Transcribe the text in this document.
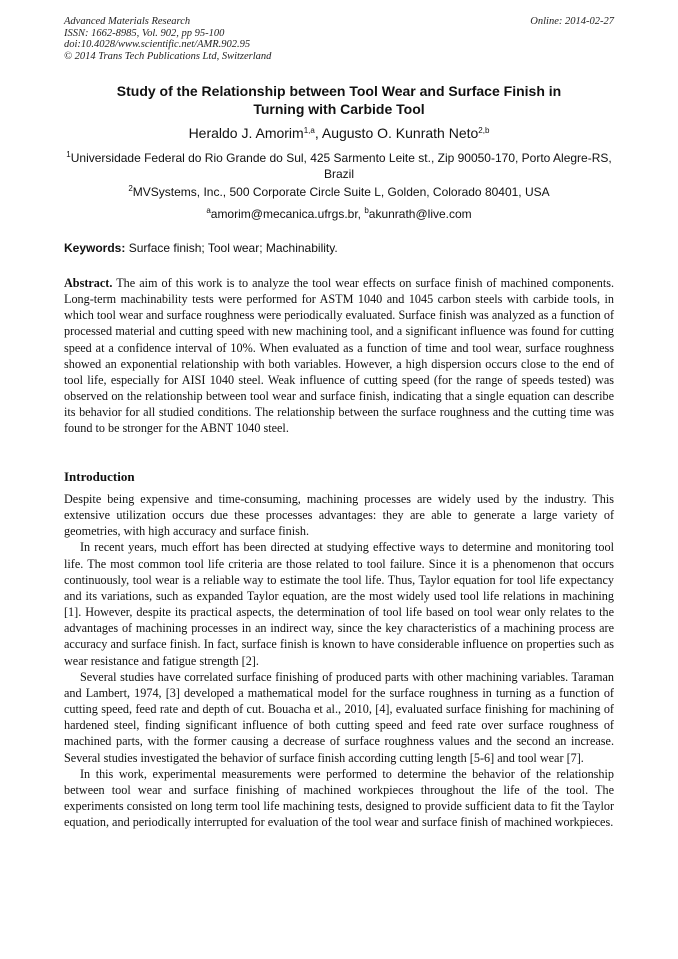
Advanced Materials Research
ISSN: 1662-8985, Vol. 902, pp 95-100
doi:10.4028/www.scientific.net/AMR.902.95
© 2014 Trans Tech Publications Ltd, Switzerland
Online: 2014-02-27
Study of the Relationship between Tool Wear and Surface Finish in
Turning with Carbide Tool
Heraldo J. Amorim$^{1,a}$, Augusto O. Kunrath Neto$^{2,b}$
$^1$Universidade Federal do Rio Grande do Sul, 425 Sarmento Leite st., Zip 90050-170, Porto Alegre-RS, Brazil
$^2$MVSystems, Inc., 500 Corporate Circle Suite L, Golden, Colorado 80401, USA
$^a$amorim@mecanica.ufrgs.br, $^b$akunrath@live.com
Keywords: Surface finish; Tool wear; Machinability.

Abstract. The aim of this work is to analyze the tool wear effects on surface finish of machined components. Long-term machinability tests were performed for ASTM 1040 and 1045 carbon steels with carbide tools, in which tool wear and surface roughness were periodically evaluated. Surface finish was analyzed as a function of processed material and cutting speed with new machining tool, and a significant influence was found for cutting speed at a confidence interval of 10%. When evaluated as a function of time and tool wear, surface roughness showed an exponential relationship with both variables. However, a high dispersion occurs close to the end of tool life, especially for AISI 1040 steel. Weak influence of cutting speed (for the range of speeds tested) was observed on the relationship between tool wear and surface finish, indicating that a single equation can describe its behavior for all studied conditions. The relationship between the surface roughness and the cutting time was found to be stronger for the ABNT 1040 steel.

Introduction

Despite being expensive and time-consuming, machining processes are widely used by the industry. This extensive utilization occurs due these processes advantages: they are able to generate a large variety of geometries, with high accuracy and surface finish.

In recent years, much effort has been directed at studying effective ways to determine and monitoring tool life. The most common tool life criteria are those related to tool failure. Since it is a phenomenon that occurs continuously, tool wear is a reliable way to estimate the tool life. Thus, Taylor equation for tool life expectancy and its variations, such as expanded Taylor equation, are the most widely used tool life relations in machining [1]. However, despite its practical aspects, the determination of tool life based on tool wear only relates to the advantages of machining processes in an indirect way, since the key characteristics of a machining process are accuracy and surface finish. In fact, surface finish is known to have considerable influence on properties such as wear resistance and fatigue strength [2].

Several studies have correlated surface finishing of produced parts with other machining variables. Taraman and Lambert, 1974, [3] developed a mathematical model for the surface roughness in turning as a function of cutting speed, feed rate and depth of cut. Bouacha et al., 2010, [4], evaluated surface finishing for machining of hardened steel, finding significant influence of both cutting speed and feed rate over surface roughness of machined parts, with the former causing a decrease of surface roughness values and the second an increase. Several studies investigated the behavior of surface finish according cutting length [5-6] and tool wear [7].

In this work, experimental measurements were performed to determine the behavior of the relationship between tool wear and surface finishing of machined workpieces throughout the life of the tool. The experiments consisted on long term tool life machining tests, designed to provide sufficient data to fit the Taylor equation, and periodically interrupted for evaluation of the tool wear and surface finish of machined workpieces.
